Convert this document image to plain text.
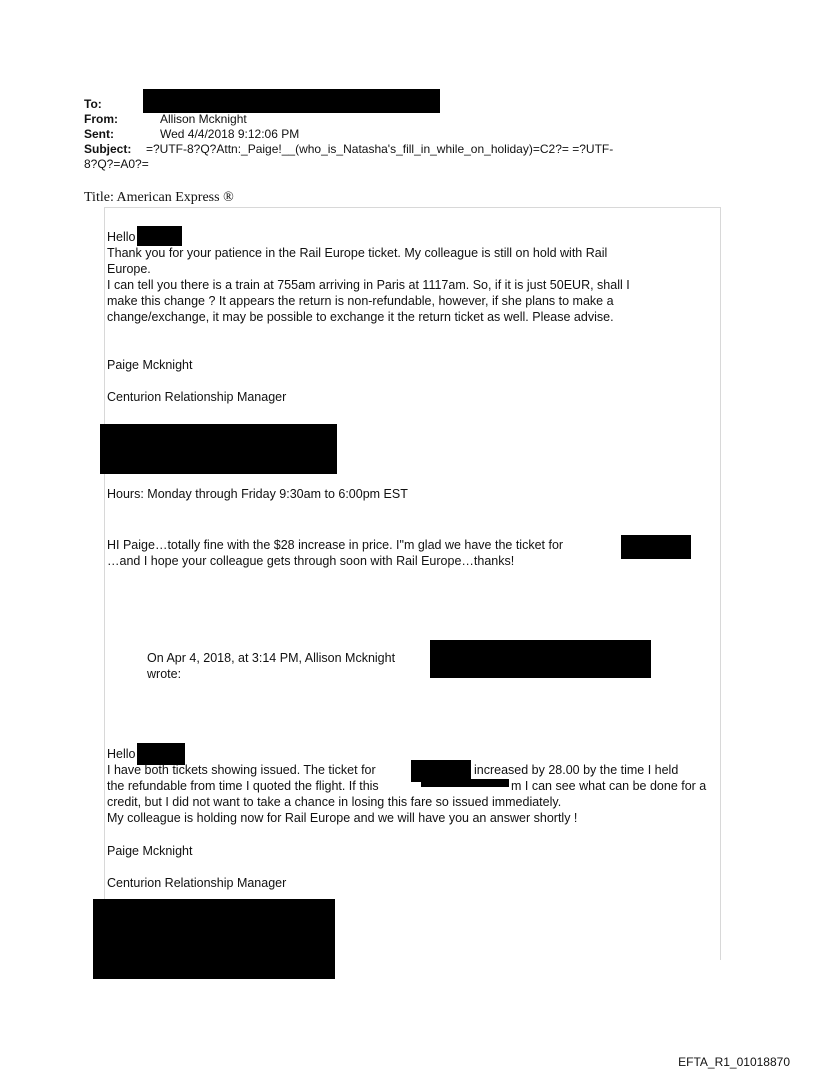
To:
From:	Allison Mcknight
Sent:	Wed 4/4/2018 9:12:06 PM
Subject: =?UTF-8?Q?Attn:_Paige!__(who_is_Natasha's_fill_in_while_on_holiday)=C2?= =?UTF-
8?Q?=A0?=
Title: American Express ®
Hello
Thank you for your patience in the Rail Europe ticket. My colleague is still on hold with Rail
Europe.
I can tell you there is a train at 755am arriving in Paris at 1117am. So, if it is just 50EUR, shall I
make this change ? It appears the return is non-refundable, however, if she plans to make a
change/exchange, it may be possible to exchange it the return ticket as well. Please advise.
Paige Mcknight
Centurion Relationship Manager
Hours: Monday through Friday 9:30am to 6:00pm EST
HI Paige…totally fine with the $28 increase in price. I"m glad we have the ticket for
…and I hope your colleague gets through soon with Rail Europe…thanks!
On Apr 4, 2018, at 3:14 PM, Allison Mcknight
wrote:
Hello
I have both tickets showing issued. The ticket for	increased by 28.00 by the time I held
the refundable from time I quoted the flight. If this	m I can see what can be done for a
credit, but I did not want to take a chance in losing this fare so issued immediately.
My colleague is holding now for Rail Europe and we will have you an answer shortly !
Paige Mcknight
Centurion Relationship Manager
EFTA_R1_01018870
